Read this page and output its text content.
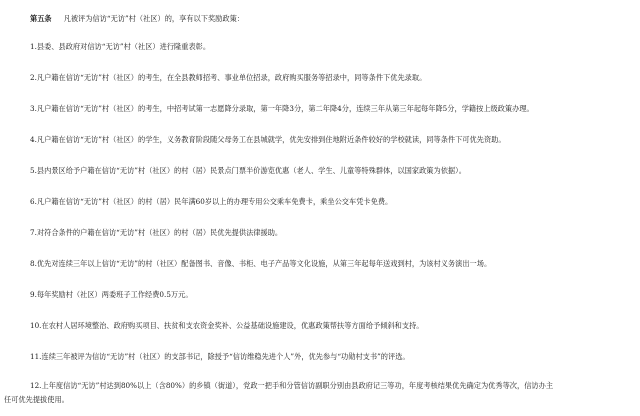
第五条 凡被评为信访“无访”村（社区）的，享有以下奖励政策：
1.县委、县政府对信访“无访”村（社区）进行隆重表彰。
2.凡户籍在信访“无访”村（社区）的考生，在全县教师招考、事业单位招录，政府购买服务等招录中，同等条件下优先录取。
3.凡户籍在信访“无访”村（社区）的考生，中招考试第一志愿降分录取，第一年降3分，第二年降4分，连续三年从第三年起每年降5分，学籍按上级政策办理。
4.凡户籍在信访“无访”村（社区）的学生，义务教育阶段随父母务工在县城就学，优先安排到住地附近条件较好的学校就读，同等条件下可优先资助。
5.县内景区给予户籍在信访“无访”村（社区）的村（居）民景点门票半价游览优惠（老人、学生、儿童等特殊群体，以国家政策为依据）。
6.凡户籍在信访“无访”村（社区）的村（居）民年满60岁以上的办理专用公交乘车免费卡，乘坐公交车凭卡免费。
7.对符合条件的户籍在信访“无访”村（社区）的村（居）民优先提供法律援助。
8.优先对连续三年以上信访“无访”的村（社区）配备图书、音像、书柜、电子产品等文化设施，从第三年起每年送戏到村，为该村义务演出一场。
9.每年奖励村（社区）两委班子工作经费0.5万元。
10.在农村人居环境整治、政府购买项目、扶贫和支农资金奖补、公益基础设施建设，优惠政策帮扶等方面给予倾斜和支持。
11.连续三年被评为信访“无访”村（社区）的支部书记，除授予“信访维稳先进个人”外，优先参与“功勋村支书”的评选。
12.上年度信访“无访”村达到80%以上（含80%）的乡镇（街道），党政一把手和分管信访副职分别由县政府记三等功，年度考核结果优先确定为优秀等次，信访办主
任可优先提拔使用。
